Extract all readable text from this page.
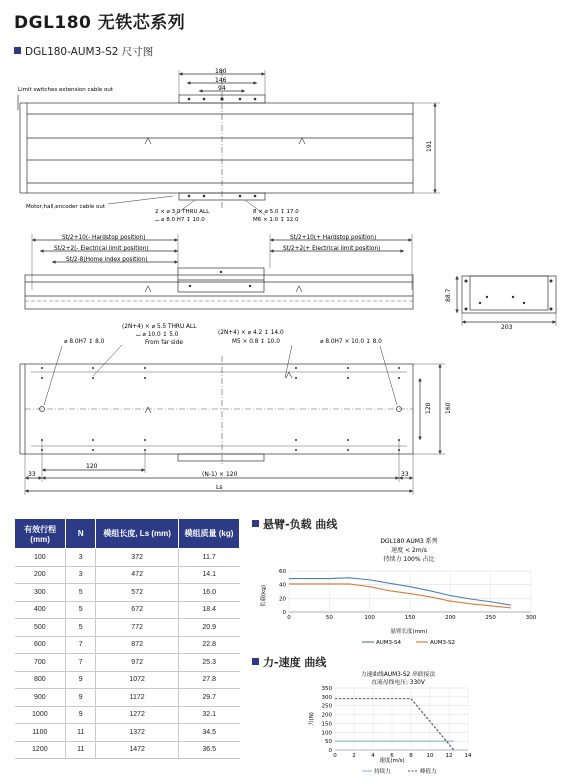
DGL180 无铁芯系列
DGL180-AUM3-S2 尺寸图
180
146
94
191
Limit switches extension cable out
Motor,hall,encoder cable out
2 × ⌀ 3.0 THRU ALL
⌴ ⌀ 8.0 H7 ↧ 10.0
8 × ⌀ 5.0 ↧ 17.0
M6 × 1.0 ↧ 12.0
St/2+10(- Hardstop position)
St/2+2(- Electrical limit position)
St/2-8(Home index position)
St/2+10(+ Hardstop position)
St/2+2(+ Electrical limit position)
88.7
203
⌀ 8.0H7 ↧ 8.0	⌀ 8.0H7 × 10.0 ↧ 8.0
(2N+4) × ⌀ 5.5 THRU ALL
⌴ ⌀ 10.0 ↧ 5.0
From far side
(2N+4) × ⌀ 4.2 ↧ 14.0
M5 × 0.8 ↧ 10.0
120 160
33	33
120
(N-1) × 120
Ls
有效行程 (mm)	N	模组长度, Ls (mm)	模组质量 (kg)
100	3	372	11.7
200	3	472	14.1
300	5	572	16.0
400	5	672	18.4
500	5	772	20.9
600	7	872	22.8
700	7	972	25.3
800	9	1072	27.8
900	9	1172	29.7
1000	9	1272	32.1
1100	11	1372	34.5
1200	11	1472	36.5
悬臂-负载 曲线
力-速度 曲线
DGL180 AUM3 系列
速度 < 2m/s
持续力 100% 占比
负载(kg)
悬臂长度(mm)
0
20
40
60
0	50	100	150	200	250	300
AUM3-S4	AUM3-S2
力速曲线AUM3-S2 串联接法
直流母线电压: 330V
力(N)
速度(m/s)
0
50
100
150
200
250
300
350
0	2	4	6	8	10 12 14
持续力	峰值力
